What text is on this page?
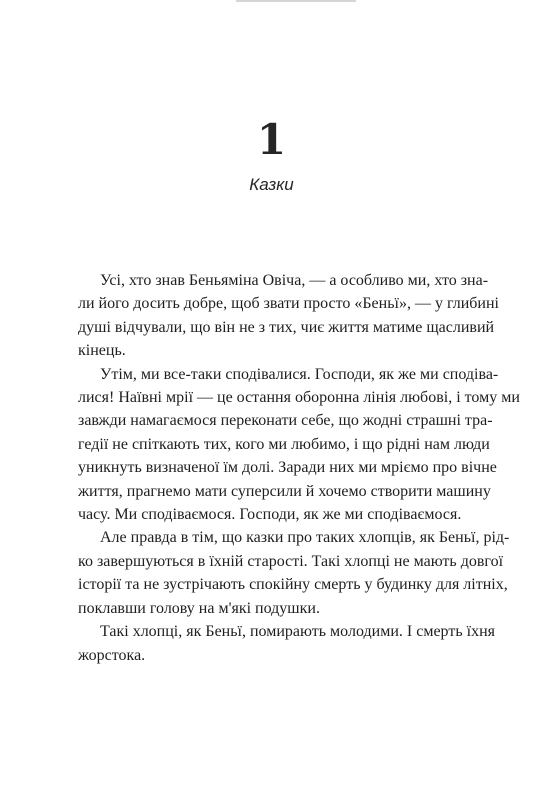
1
Казки

Усі, хто знав Беньяміна Овіча, — а особливо ми, хто зна-
ли його досить добре, щоб звати просто «Беньї», — у глибині
душі відчували, що він не з тих, чиє життя матиме щасливий
кінець.

Утім, ми все-таки сподівалися. Господи, як же ми сподіва-
лися! Наївні мрії — це остання оборонна лінія любові, і тому ми
завжди намагаємося переконати себе, що жодні страшні тра-
гедії не спіткають тих, кого ми любимо, і що рідні нам люди
уникнуть визначеної їм долі. Заради них ми мріємо про вічне
життя, прагнемо мати суперсили й хочемо створити машину
часу. Ми сподіваємося. Господи, як же ми сподіваємося.

Але правда в тім, що казки про таких хлопців, як Беньї, рід-
ко завершуються в їхній старості. Такі хлопці не мають довгої
історії та не зустрічають спокійну смерть у будинку для літніх,
поклавши голову на м'які подушки.

Такі хлопці, як Беньї, помирають молодими. І смерть їхня
жорстока.
